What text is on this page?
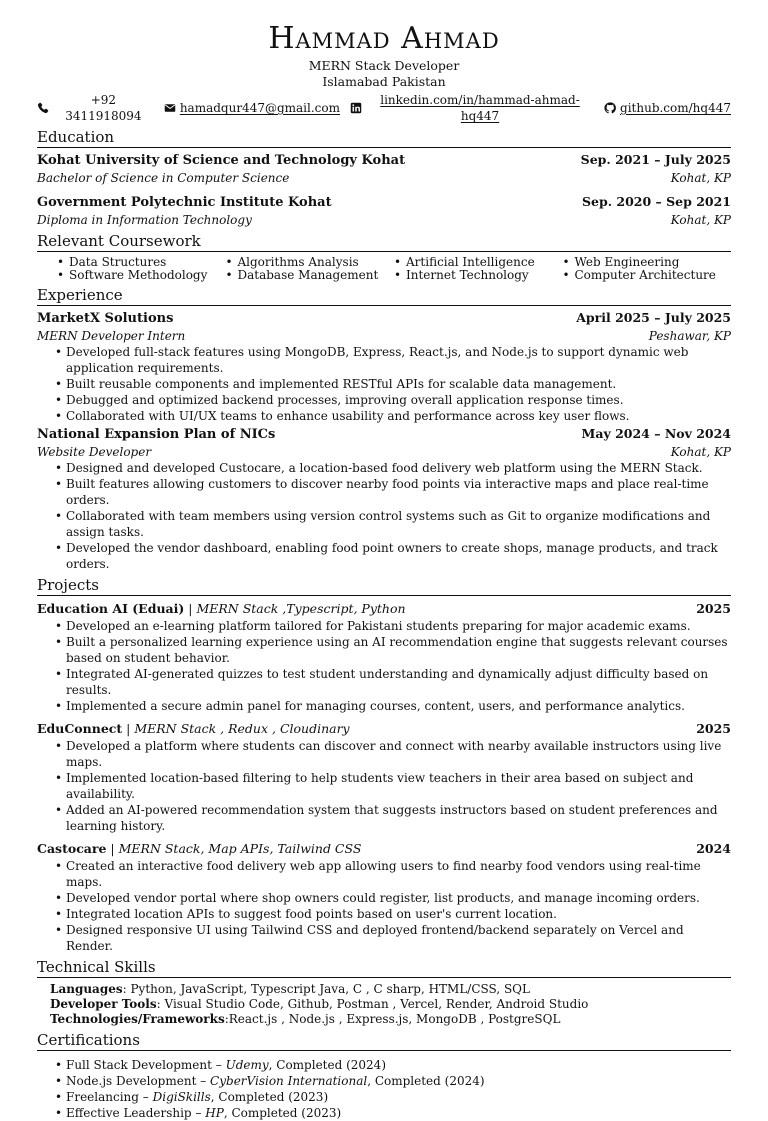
Hammad Ahmad
MERN Stack Developer
Islamabad Pakistan
+92 3411918094
hamadqur447@gmail.com
linkedin.com/in/hammad-ahmad-hq447
github.com/hq447
Education
Kohat University of Science and Technology Kohat	Sep. 2021 – July 2025
Bachelor of Science in Computer Science	Kohat, KP
Government Polytechnic Institute Kohat	Sep. 2020 – Sep 2021
Diploma in Information Technology	Kohat, KP
Relevant Coursework
• Data Structures	• Algorithms Analysis	• Artificial Intelligence	• Web Engineering
• Software Methodology	• Database Management	• Internet Technology	• Computer Architecture
Experience
MarketX Solutions	April 2025 – July 2025
MERN Developer Intern	Peshawar, KP
• Developed full-stack features using MongoDB, Express, React.js, and Node.js to support dynamic web application requirements.
• Built reusable components and implemented RESTful APIs for scalable data management.
• Debugged and optimized backend processes, improving overall application response times.
• Collaborated with UI/UX teams to enhance usability and performance across key user flows.
National Expansion Plan of NICs	May 2024 – Nov 2024
Website Developer	Kohat, KP
• Designed and developed Custocare, a location-based food delivery web platform using the MERN Stack.
• Built features allowing customers to discover nearby food points via interactive maps and place real-time orders.
• Collaborated with team members using version control systems such as Git to organize modifications and assign tasks.
• Developed the vendor dashboard, enabling food point owners to create shops, manage products, and track orders.
Projects
Education AI (Eduai) | MERN Stack ,Typescript, Python	2025
• Developed an e-learning platform tailored for Pakistani students preparing for major academic exams.
• Built a personalized learning experience using an AI recommendation engine that suggests relevant courses based on student behavior.
• Integrated AI-generated quizzes to test student understanding and dynamically adjust difficulty based on results.
• Implemented a secure admin panel for managing courses, content, users, and performance analytics.
EduConnect | MERN Stack , Redux , Cloudinary	2025
• Developed a platform where students can discover and connect with nearby available instructors using live maps.
• Implemented location-based filtering to help students view teachers in their area based on subject and availability.
• Added an AI-powered recommendation system that suggests instructors based on student preferences and learning history.
Castocare | MERN Stack, Map APIs, Tailwind CSS	2024
• Created an interactive food delivery web app allowing users to find nearby food vendors using real-time maps.
• Developed vendor portal where shop owners could register, list products, and manage incoming orders.
• Integrated location APIs to suggest food points based on user's current location.
• Designed responsive UI using Tailwind CSS and deployed frontend/backend separately on Vercel and Render.
Technical Skills
Languages: Python, JavaScript, Typescript Java, C , C sharp, HTML/CSS, SQL
Developer Tools: Visual Studio Code, Github, Postman , Vercel, Render, Android Studio
Technologies/Frameworks:React.js , Node.js , Express.js, MongoDB , PostgreSQL
Certifications
• Full Stack Development – Udemy, Completed (2024)
• Node.js Development – CyberVision International, Completed (2024)
• Freelancing – DigiSkills, Completed (2023)
• Effective Leadership – HP, Completed (2023)
